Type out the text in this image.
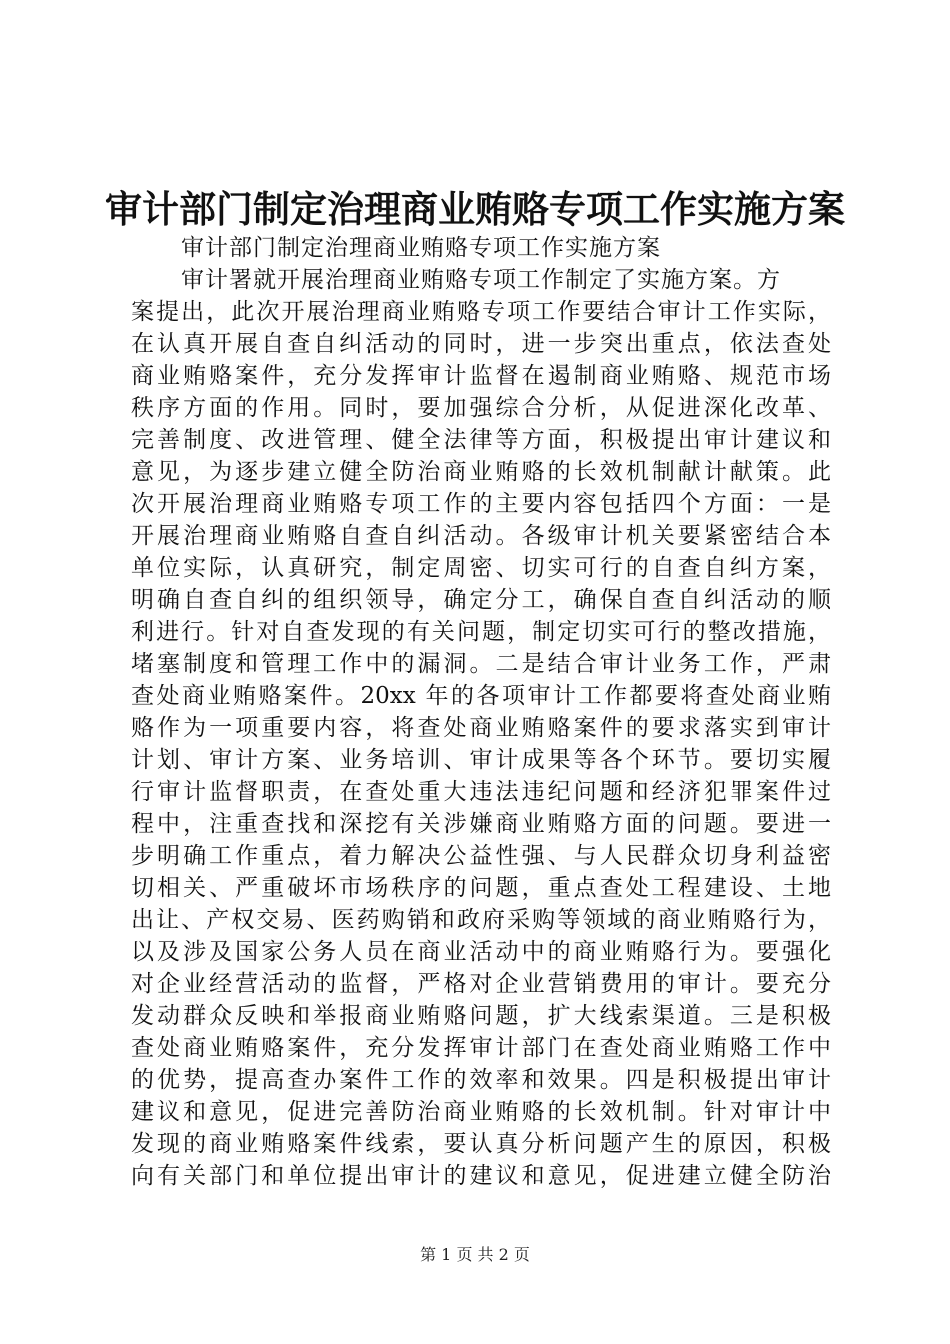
审计部门制定治理商业贿赂专项工作实施方案
审计部门制定治理商业贿赂专项工作实施方案
审计署就开展治理商业贿赂专项工作制定了实施方案。方
案提出，此次开展治理商业贿赂专项工作要结合审计工作实际，
在认真开展自查自纠活动的同时，进一步突出重点，依法查处
商业贿赂案件，充分发挥审计监督在遏制商业贿赂、规范市场
秩序方面的作用。同时，要加强综合分析，从促进深化改革、
完善制度、改进管理、健全法律等方面，积极提出审计建议和
意见，为逐步建立健全防治商业贿赂的长效机制献计献策。此
次开展治理商业贿赂专项工作的主要内容包括四个方面：一是
开展治理商业贿赂自查自纠活动。各级审计机关要紧密结合本
单位实际，认真研究，制定周密、切实可行的自查自纠方案，
明确自查自纠的组织领导，确定分工，确保自查自纠活动的顺
利进行。针对自查发现的有关问题，制定切实可行的整改措施，
堵塞制度和管理工作中的漏洞。二是结合审计业务工作，严肃
查处商业贿赂案件。20xx 年的各项审计工作都要将查处商业贿
赂作为一项重要内容，将查处商业贿赂案件的要求落实到审计
计划、审计方案、业务培训、审计成果等各个环节。要切实履
行审计监督职责，在查处重大违法违纪问题和经济犯罪案件过
程中，注重查找和深挖有关涉嫌商业贿赂方面的问题。要进一
步明确工作重点，着力解决公益性强、与人民群众切身利益密
切相关、严重破坏市场秩序的问题，重点查处工程建设、土地
出让、产权交易、医药购销和政府采购等领域的商业贿赂行为，
以及涉及国家公务人员在商业活动中的商业贿赂行为。要强化
对企业经营活动的监督，严格对企业营销费用的审计。要充分
发动群众反映和举报商业贿赂问题，扩大线索渠道。三是积极
查处商业贿赂案件，充分发挥审计部门在查处商业贿赂工作中
的优势，提高查办案件工作的效率和效果。四是积极提出审计
建议和意见，促进完善防治商业贿赂的长效机制。针对审计中
发现的商业贿赂案件线索，要认真分析问题产生的原因，积极
向有关部门和单位提出审计的建议和意见，促进建立健全防治
第 1 页 共 2 页
